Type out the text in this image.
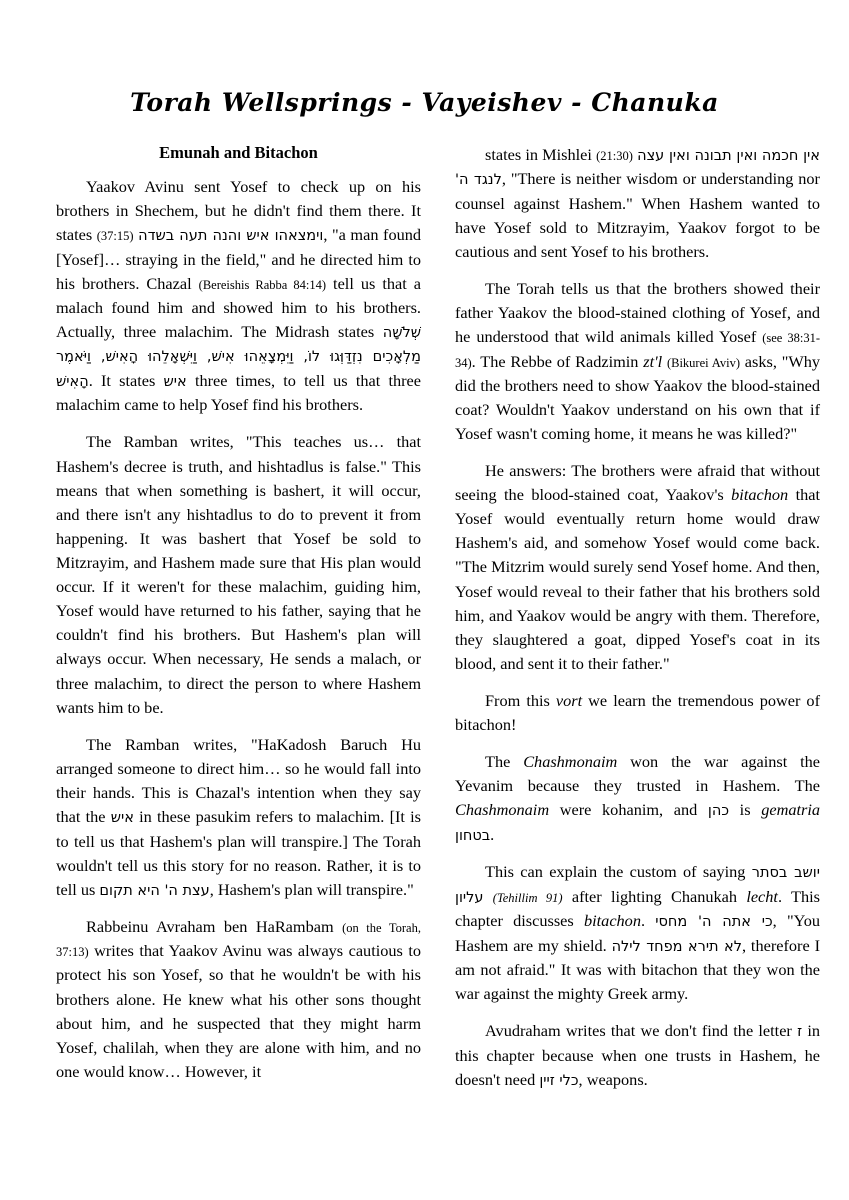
Torah Wellsprings - Vayeishev - Chanuka
Emunah and Bitachon

Yaakov Avinu sent Yosef to check up on his brothers in Shechem, but he didn't find them there. It states (37:15) וימצאהו איש והנה תעה בשדה, "a man found [Yosef]… straying in the field," and he directed him to his brothers. Chazal (Bereishis Rabba 84:14) tell us that a malach found him and showed him to his brothers. Actually, three malachim. The Midrash states שְׁלֹשָׁה מַלְאָכִים נִזְדַּוְּגוּ לוֹ, וַיִּמְצָאֵהוּ אִישׁ, וַיִּשְׁאָלֵהוּ הָאִישׁ, וַיֹּאמֶר הָאִישׁ. It states איש three times, to tell us that three malachim came to help Yosef find his brothers.

The Ramban writes, "This teaches us… that Hashem's decree is truth, and hishtadlus is false." This means that when something is bashert, it will occur, and there isn't any hishtadlus to do to prevent it from happening. It was bashert that Yosef be sold to Mitzrayim, and Hashem made sure that His plan would occur. If it weren't for these malachim, guiding him, Yosef would have returned to his father, saying that he couldn't find his brothers. But Hashem's plan will always occur. When necessary, He sends a malach, or three malachim, to direct the person to where Hashem wants him to be.

The Ramban writes, "HaKadosh Baruch Hu arranged someone to direct him… so he would fall into their hands. This is Chazal's intention when they say that the איש in these pasukim refers to malachim. [It is to tell us that Hashem's plan will transpire.] The Torah wouldn't tell us this story for no reason. Rather, it is to tell us עצת ה' היא תקום, Hashem's plan will transpire."

Rabbeinu Avraham ben HaRambam (on the Torah, 37:13) writes that Yaakov Avinu was always cautious to protect his son Yosef, so that he wouldn't be with his brothers alone. He knew what his other sons thought about him, and he suspected that they might harm Yosef, chalilah, when they are alone with him, and no one would know… However, it

states in Mishlei (21:30) אין חכמה ואין תבונה ואין עצה לנגד ה', "There is neither wisdom or understanding nor counsel against Hashem." When Hashem wanted to have Yosef sold to Mitzrayim, Yaakov forgot to be cautious and sent Yosef to his brothers.

The Torah tells us that the brothers showed their father Yaakov the blood-stained clothing of Yosef, and he understood that wild animals killed Yosef (see 38:31-34). The Rebbe of Radzimin zt'l (Bikurei Aviv) asks, "Why did the brothers need to show Yaakov the blood-stained coat? Wouldn't Yaakov understand on his own that if Yosef wasn't coming home, it means he was killed?"

He answers: The brothers were afraid that without seeing the blood-stained coat, Yaakov's bitachon that Yosef would eventually return home would draw Hashem's aid, and somehow Yosef would come back. "The Mitzrim would surely send Yosef home. And then, Yosef would reveal to their father that his brothers sold him, and Yaakov would be angry with them. Therefore, they slaughtered a goat, dipped Yosef's coat in its blood, and sent it to their father."

From this vort we learn the tremendous power of bitachon!

The Chashmonaim won the war against the Yevanim because they trusted in Hashem. The Chashmonaim were kohanim, and כהן is gematria בטחון.

This can explain the custom of saying יושב בסתר עליון (Tehillim 91) after lighting Chanukah lecht. This chapter discusses bitachon. כי אתה ה' מחסי, "You Hashem are my shield. לא תירא מפחד לילה, therefore I am not afraid." It was with bitachon that they won the war against the mighty Greek army.

Avudraham writes that we don't find the letter ז in this chapter because when one trusts in Hashem, he doesn't need כלי זיין, weapons.
